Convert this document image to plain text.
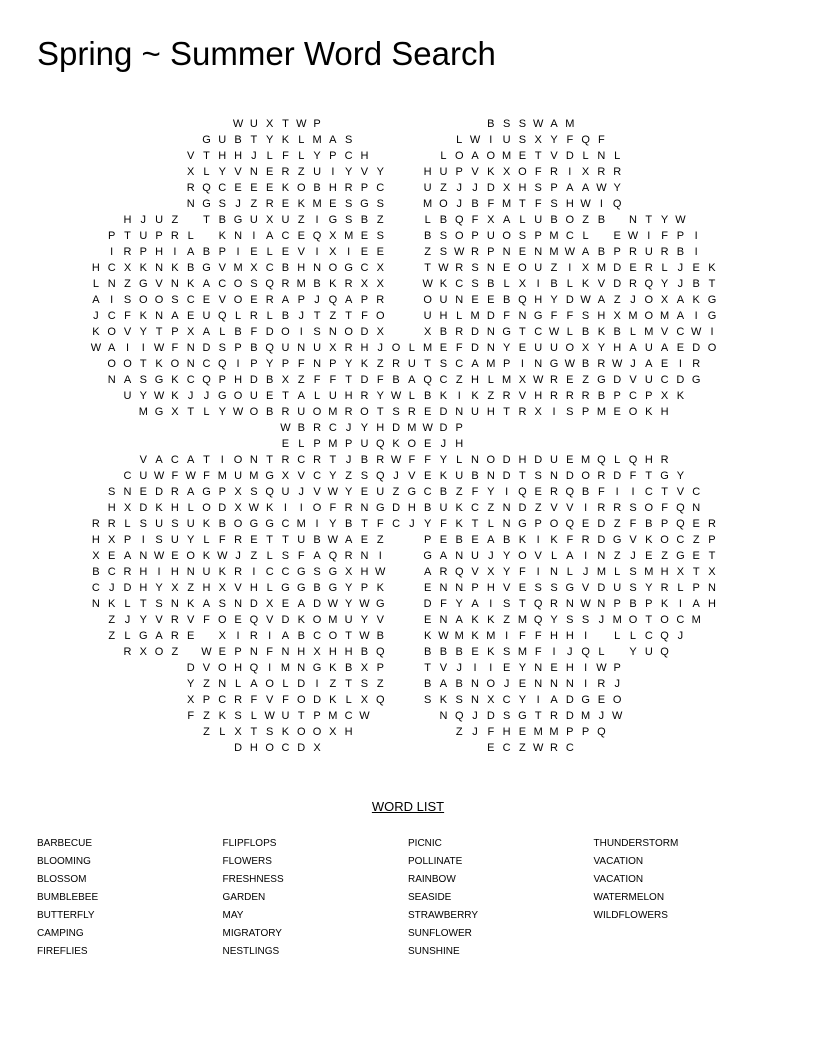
Spring ~ Summer Word Search
W U X T W P	B S S W A M
G U B T Y K L M A S	L W I U S X Y F Q F
V T H H J L F L Y P C H	L O A O M E T V D L N L
X L Y V N E R Z U I Y V Y	H U P V K X O F R I X R R
R Q C E E E K O B H R P C	U Z J J D X H S P A A W Y
N G S J Z R E K M E S G S	M O J B F M T F S H W I Q
H J U Z T B G U X U Z I G S B Z	L B Q F X A L U B O Z B N T Y W
P T U P R L K N I A C E Q X M E S	B S O P U O S P M C L E W I F P I
I R P H I A B P I E L E V I X I E E	Z S W R P N E N M W A B P R U R B I
H C X K N K B G V M X C B H N O G C X	T W R S N E O U Z I X M D E R L J E K
L N Z G V N K A C O S Q R M B K R X X	W K C S B L X I B L K V D R Q Y J B T
A I S O O S C E V O E R A P J Q A P R	O U N E E B Q H Y D W A Z J O X A K G
J C F K N A E U Q L R L B J T Z T F O	U H L M D F N G F F S H X M O M A I G
K O V Y T P X A L B F D O I S N O D X	X B R D N G T C W L B K B L M V C W I
W A I I W F N D S P B Q U N U X R H J O L M E F D N Y E U U O X Y H A U A E D O
O O T K O N C Q I P Y P F N P Y K Z R U T S C A M P I N G W B R W J A E I R
N A S G K C Q P H D B X Z F F T D F B A Q C Z H L M X W R E Z G D V U C D G
U Y W K J J G O U E T A L U H R Y W L B K I K Z R V H R R R B P C P X K
M G X T L Y W O B R U O M R O T S R E D N U H T R X I S P M E O K H
W B R C J Y H D M W D P
E L P M P U Q K O E J H
V A C A T I O N T R C R T J B R W F F Y L N O D H D U E M Q L Q H R
C U W F W F M U M G X V C Y Z S Q J V E K U B N D T S N D O R D F T G Y
S N E D R A G P X S Q U J V W Y E U Z G C B Z F Y I Q E R Q B F I I C T V C
H X D K H L O D X W K I I O F R N G D H B U K C Z N D Z V V I R R S O F Q N
R R L S U S U K B O G G C M I Y B T F C J Y F K T L N G P O Q E D Z F B P Q E R
H X P I S U Y L F R E T T U B W A E Z	P E B E A B K I K F R D G V K O C Z P
X E A N W E O K W J Z L S F A Q R N I	G A N U J Y O V L A I N Z J E Z G E T
B C R H I H N U K R I C C G S G X H W	A R Q V X Y F I N L J M L S M H X T X
C J D H Y X Z H X V H L G G B G Y P K	E N N P H V E S S G V D U S Y R L P N
N K L T S N K A S N D X E A D W Y W G	D F Y A I S T Q R N W N P B P K I A H
Z J Y V R V F O E Q V D K O M U Y V	E N A K K Z M Q Y S S J M O T O C M
Z L G A R E X I R I A B C O T W B	K W M K M I F F H H I L L C Q J
R X O Z W E P N F N H X H H B Q	B B B E K S M F I J Q L Y U Q
D V O H Q I M N G K B X P	T V J I I E Y N E H I W P
Y Z N L A O L D I Z T S Z	B A B N O J E N N N I R J
X P C R F V F O D K L X Q	S K S N X C Y I A D G E O
F Z K S L W U T P M C W	N Q J D S G T R D M J W
Z L X T S K O O X H	Z J F H E M M P P Q
D H O C D X	E C Z W R C
WORD LIST
BARBECUE
BLOOMING
BLOSSOM
BUMBLEBEE
BUTTERFLY
CAMPING
FIREFLIES
FLIPFLOPS
FLOWERS
FRESHNESS
GARDEN
MAY
MIGRATORY
NESTLINGS
PICNIC
POLLINATE
RAINBOW
SEASIDE
STRAWBERRY
SUNFLOWER
SUNSHINE
THUNDERSTORM
VACATION
VACATION
WATERMELON
WILDFLOWERS
